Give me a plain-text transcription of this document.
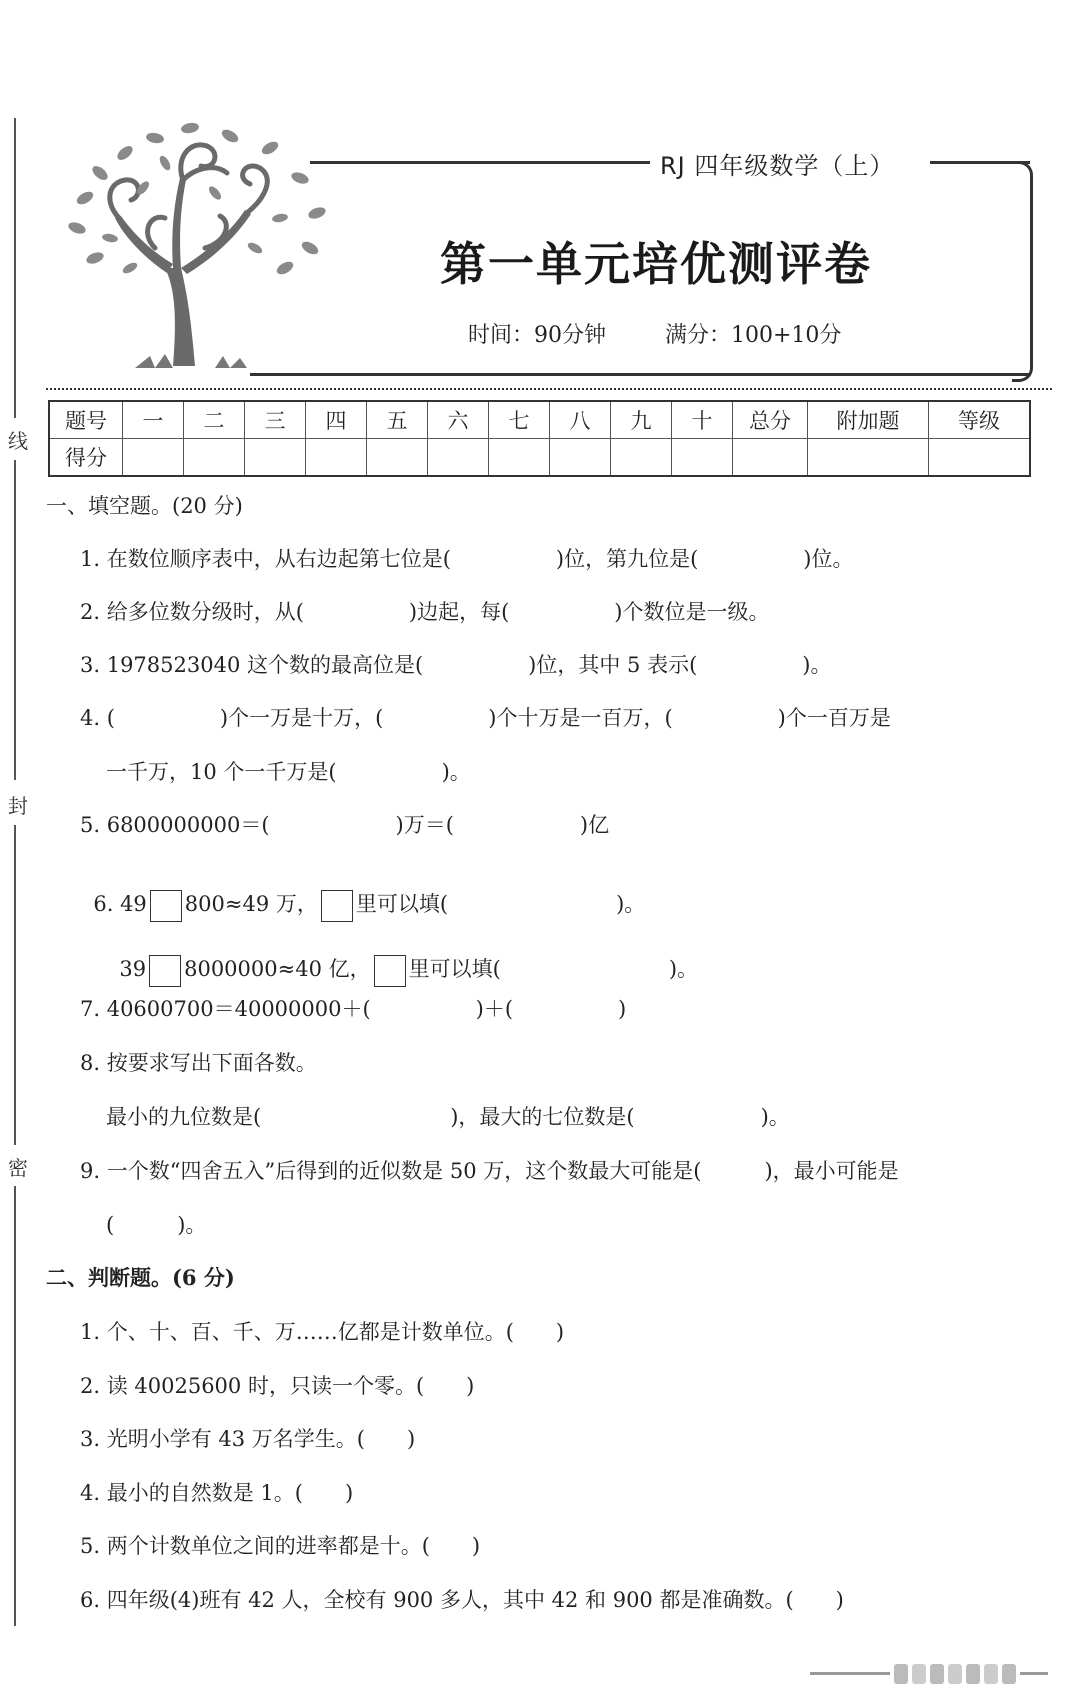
线
封
密
RJ 四年级数学（上）
第一单元培优测评卷
时间：90分钟	满分：100+10分
题号	一	二	三	四	五	六	七	八	九	十	总分	附加题	等级
得分													
一、填空题。(20 分)
1. 在数位顺序表中，从右边起第七位是(　　　　　)位，第九位是(　　　　　)位。
2. 给多位数分级时，从(　　　　　)边起，每(　　　　　)个数位是一级。
3. 1978523040 这个数的最高位是(　　　　　)位，其中 5 表示(　　　　　)。
4. (　　　　　)个一万是十万，(　　　　　)个十万是一百万，(　　　　　)个一百万是
一千万，10 个一千万是(　　　　　)。
5. 6800000000＝(　　　　　　)万＝(　　　　　　)亿

6. 49 800≈49 万， 里可以填(　　　　　　　　)。

39 8000000≈40 亿， 里可以填(　　　　　　　　)。

7. 40600700＝40000000＋(　　　　　)＋(　　　　　)
8. 按要求写出下面各数。
最小的九位数是(　　　　　　　　　)，最大的七位数是(　　　　　　)。
9. 一个数“四舍五入”后得到的近似数是 50 万，这个数最大可能是(　　　)，最小可能是
(　　　)。
二、判断题。(6 分)
1. 个、十、百、千、万……亿都是计数单位。(　　)
2. 读 40025600 时，只读一个零。(　　)
3. 光明小学有 43 万名学生。(　　)
4. 最小的自然数是 1。(　　)
5. 两个计数单位之间的进率都是十。(　　)
6. 四年级(4)班有 42 人，全校有 900 多人，其中 42 和 900 都是准确数。(　　)
